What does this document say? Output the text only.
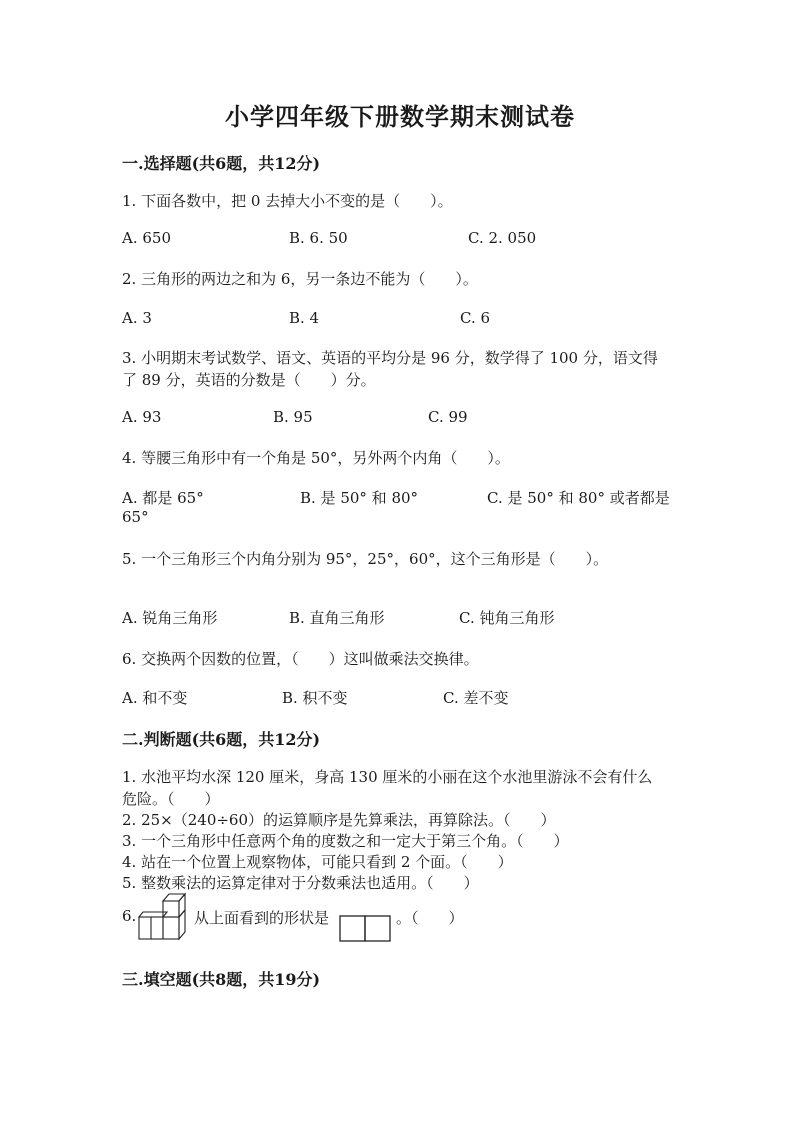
小学四年级下册数学期末测试卷
一.选择题(共6题，共12分)
1. 下面各数中，把 0 去掉大小不变的是（　　）。
A. 650	B. 6. 50	C. 2. 050
2. 三角形的两边之和为 6，另一条边不能为（　　）。
A. 3	B. 4	C. 6
3. 小明期末考试数学、语文、英语的平均分是 96 分，数学得了 100 分，语文得
了 89 分，英语的分数是（　　）分。
A. 93	B. 95	C. 99
4. 等腰三角形中有一个角是 50°，另外两个内角（　　）。
A. 都是 65°	B. 是 50° 和 80°	C. 是 50° 和 80° 或者都是
65°
5. 一个三角形三个内角分别为 95°，25°，60°，这个三角形是（　　）。
A. 锐角三角形	B. 直角三角形	C. 钝角三角形
6. 交换两个因数的位置，（　　）这叫做乘法交换律。
A. 和不变	B. 积不变	C. 差不变
二.判断题(共6题，共12分)
1. 水池平均水深 120 厘米，身高 130 厘米的小丽在这个水池里游泳不会有什么
危险。（　　）
2. 25×（240÷60）的运算顺序是先算乘法，再算除法。（　　）
3. 一个三角形中任意两个角的度数之和一定大于第三个角。（　　）
4. 站在一个位置上观察物体，可能只看到 2 个面。（　　）
5. 整数乘法的运算定律对于分数乘法也适用。（　　）
6.	从上面看到的形状是	。（　　）
三.填空题(共8题，共19分)
